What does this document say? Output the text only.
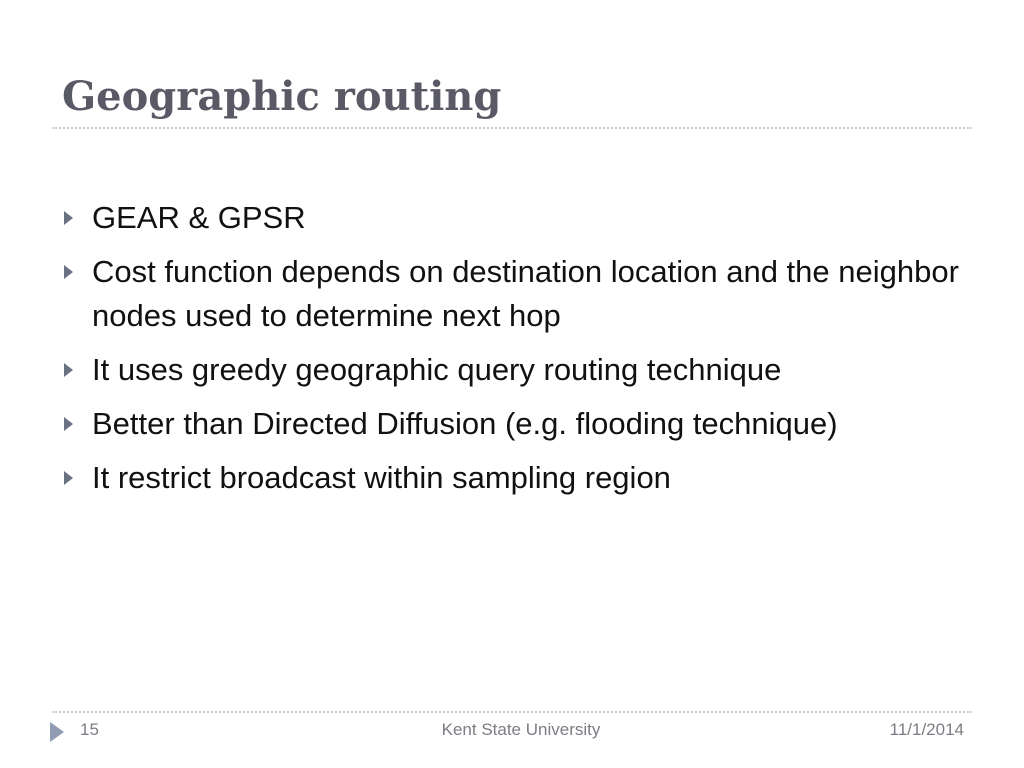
Geographic routing
GEAR & GPSR
Cost function depends on destination location and the neighbor nodes used to determine next hop
It uses greedy geographic query routing technique
Better than Directed Diffusion (e.g. flooding technique)
It restrict broadcast within sampling region
15	Kent State University	11/1/2014
